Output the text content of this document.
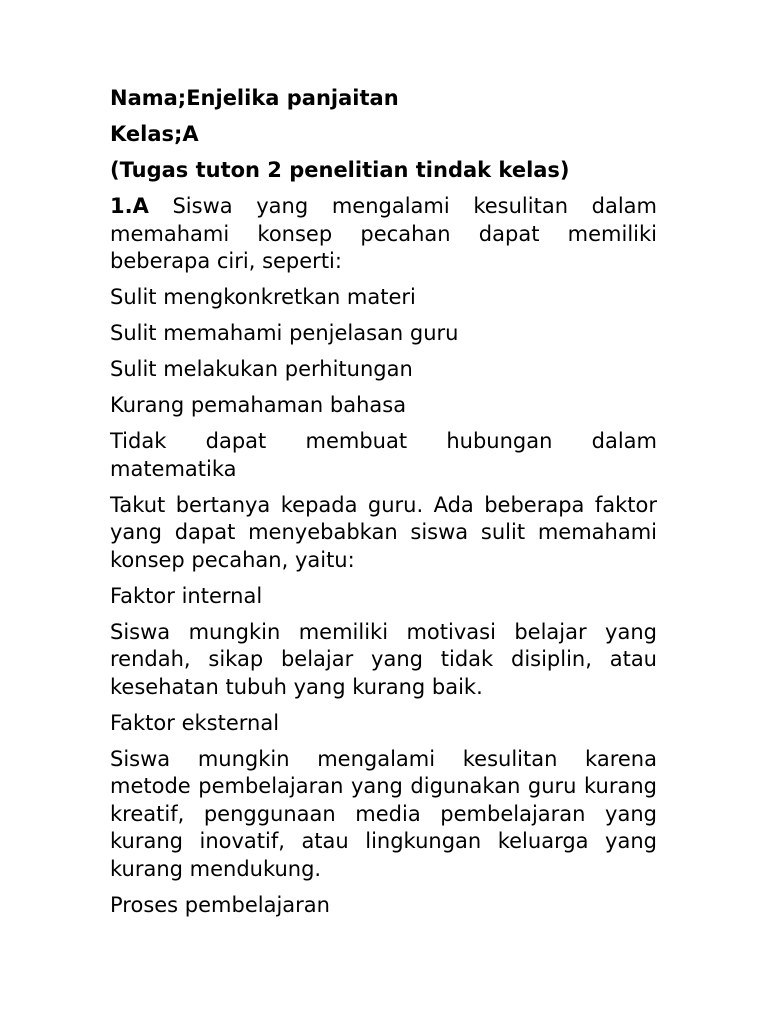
Nama;Enjelika panjaitan

Kelas;A

(Tugas tuton 2 penelitian tindak kelas)

1.A Siswa yang mengalami kesulitan dalam memahami konsep pecahan dapat memiliki beberapa ciri, seperti:

Sulit mengkonkretkan materi

Sulit memahami penjelasan guru

Sulit melakukan perhitungan

Kurang pemahaman bahasa

Tidak dapat membuat hubungan dalam matematika

Takut bertanya kepada guru. Ada beberapa faktor yang dapat menyebabkan siswa sulit memahami konsep pecahan, yaitu:

Faktor internal

Siswa mungkin memiliki motivasi belajar yang rendah, sikap belajar yang tidak disiplin, atau kesehatan tubuh yang kurang baik.

Faktor eksternal

Siswa mungkin mengalami kesulitan karena metode pembelajaran yang digunakan guru kurang kreatif, penggunaan media pembelajaran yang kurang inovatif, atau lingkungan keluarga yang kurang mendukung.

Proses pembelajaran
